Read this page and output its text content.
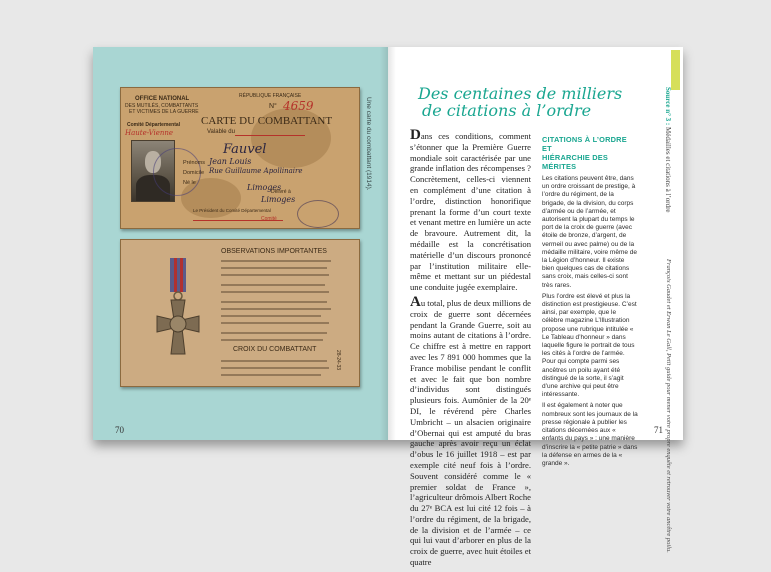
OFFICE NATIONAL
DES MUTILÉS, COMBATTANTS
ET VICTIMES DE LA GUERRE
RÉPUBLIQUE FRANÇAISE
N° 4659
CARTE DU COMBATTANT
Valable du
Comité Départemental
Haute-Vienne
Fauvel
Prénoms Jean Louis
Domicile Rue Guillaume Apollinaire
Né le	Limoges
Délivré à
Limoges
Le Président du Comité Départemental
Comité
OBSERVATIONS IMPORTANTES
CROIX DU COMBATTANT
28-24-33
Une carte du combattant (1914).
70
Des centaines de milliers
de citations à l’ordre

Dans ces conditions, comment s’étonner que la Première Guerre mondiale soit caractérisée par une grande inflation des récompenses ? Concrètement, celles-ci viennent en complément d’une citation à l’ordre, distinction honorifique prenant la forme d’un court texte et venant mettre en lumière un acte de bravoure. Autrement dit, la médaille est la concrétisation matérielle d’un discours prononcé par l’institution militaire elle-même et mettant sur un piédestal une conduite jugée exemplaire.

Au total, plus de deux millions de croix de guerre sont décernées pendant la Grande Guerre, soit au moins autant de citations à l’ordre. Ce chiffre est à mettre en rapport avec les 7 891 000 hommes que la France mobilise pendant le conflit et avec le fait que bon nombre d’individus sont distingués plusieurs fois. Aumônier de la 20ᵉ DI, le révérend père Charles Umbricht – un alsacien originaire d’Obernai qui est amputé du bras gauche après avoir reçu un éclat d’obus le 16 juillet 1918 – est par exemple cité neuf fois à l’ordre. Souvent considéré comme le « premier soldat de France », l’agriculteur drômois Albert Roche du 27ᵉ BCA est lui cité 12 fois – à l’ordre du régiment, de la brigade, de la division et de l’armée – ce qui lui vaut d’arborer en plus de la croix de guerre, avec huit étoiles et quatre

CITATIONS À L’ORDRE ET
HIÉRARCHIE DES MÉRITES

Les citations peuvent être, dans un ordre croissant de prestige, à l’ordre du régiment, de la brigade, de la division, du corps d’armée ou de l’armée, et autorisent la plupart du temps le port de la croix de guerre (avec étoile de bronze, d’argent, de vermeil ou avec palme) ou de la médaille militaire, voire même de la Légion d’honneur. Il existe bien quelques cas de citations sans croix, mais celles-ci sont très rares.

Plus l’ordre est élevé et plus la distinction est prestigieuse. C’est ainsi, par exemple, que le célèbre magazine L’Illustration propose une rubrique intitulée « Le Tableau d’honneur » dans laquelle figure le portrait de tous les cités à l’ordre de l’armée. Pour qui compte parmi ses ancêtres un poilu ayant été distingué de la sorte, il s’agit d’une archive qui peut être intéressante.

Il est également à noter que nombreux sont les journaux de la presse régionale à publier les citations décernées aux « enfants du pays » : une manière d’inscrire la « petite patrie » dans la défense en armes de la « grande ».

Source n° 3 : Médailles et citations à l’ordre
François Gaudet et Erwan Le Gall, Petit guide pour mener votre propre enquête et retrouver votre ancêtre poilu.
71
